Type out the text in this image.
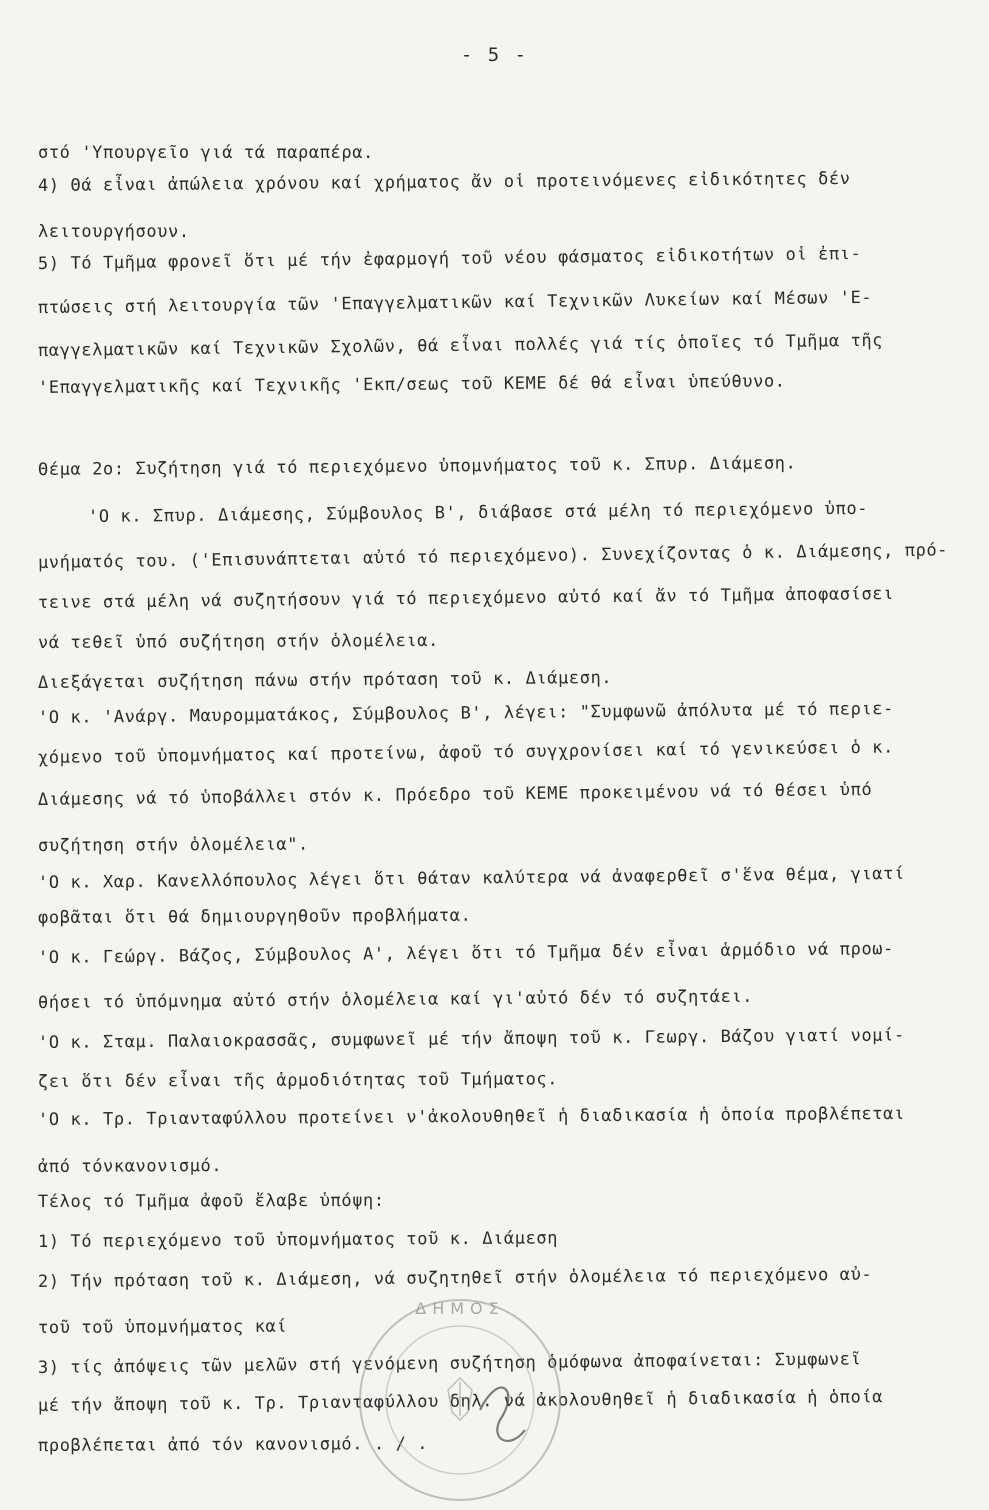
- 5 -
στό 'Υπουργεῖο γιά τά παραπέρα.
4) Θά εἶναι ἀπώλεια χρόνου καί χρήματος ἄν οἱ προτεινόμενες εἰδικότητες δέν
λειτουργήσουν.
5) Τό Τμῆμα φρονεῖ ὅτι μέ τήν ἐφαρμογή τοῦ νέου φάσματος εἰδικοτήτων οἱ ἐπι-
πτώσεις στή λειτουργία τῶν 'Επαγγελματικῶν καί Τεχνικῶν Λυκείων καί Μέσων 'Ε-
παγγελματικῶν καί Τεχνικῶν Σχολῶν, θά εἶναι πολλές γιά τίς ὁποῖες τό Τμῆμα τῆς
'Επαγγελματικῆς καί Τεχνικῆς 'Εκπ/σεως τοῦ ΚΕΜΕ δέ θά εἶναι ὑπεύθυνο.
Θέμα 2ο: Συζήτηση γιά τό περιεχόμενο ὑπομνήματος τοῦ κ. Σπυρ. Διάμεση.
'Ο κ. Σπυρ. Διάμεσης, Σύμβουλος Β', διάβασε στά μέλη τό περιεχόμενο ὑπο-
μνήματός του. ('Επισυνάπτεται αὐτό τό περιεχόμενο). Συνεχίζοντας ὁ κ. Διάμεσης, πρό-
τεινε στά μέλη νά συζητήσουν γιά τό περιεχόμενο αὐτό καί ἄν τό Τμῆμα ἀποφασίσει
νά τεθεῖ ὑπό συζήτηση στήν ὁλομέλεια.
Διεξάγεται συζήτηση πάνω στήν πρόταση τοῦ κ. Διάμεση.
'Ο κ. 'Ανάργ. Μαυρομματάκος, Σύμβουλος Β', λέγει: "Συμφωνῶ ἀπόλυτα μέ τό περιε-
χόμενο τοῦ ὑπομνήματος καί προτείνω, ἀφοῦ τό συγχρονίσει καί τό γενικεύσει ὁ κ.
Διάμεσης νά τό ὑποβάλλει στόν κ. Πρόεδρο τοῦ ΚΕΜΕ προκειμένου νά τό θέσει ὑπό
συζήτηση στήν ὁλομέλεια".
'Ο κ. Χαρ. Κανελλόπουλος λέγει ὅτι θάταν καλύτερα νά ἀναφερθεῖ σ'ἕνα θέμα, γιατί
φοβᾶται ὅτι θά δημιουργηθοῦν προβλήματα.
'Ο κ. Γεώργ. Βάζος, Σύμβουλος Α', λέγει ὅτι τό Τμῆμα δέν εἶναι ἁρμόδιο νά προω-
θήσει τό ὑπόμνημα αὐτό στήν ὁλομέλεια καί γι'αὐτό δέν τό συζητάει.
'Ο κ. Σταμ. Παλαιοκρασσᾶς, συμφωνεῖ μέ τήν ἄποψη τοῦ κ. Γεωργ. Βάζου γιατί νομί-
ζει ὅτι δέν εἶναι τῆς ἁρμοδιότητας τοῦ Τμήματος.
'Ο κ. Τρ. Τριανταφύλλου προτείνει ν'ἀκολουθηθεῖ ἡ διαδικασία ἡ ὁποία προβλέπεται
ἀπό τόνκανονισμό.
Τέλος τό Τμῆμα ἀφοῦ ἔλαβε ὑπόψη:
1) Τό περιεχόμενο τοῦ ὑπομνήματος τοῦ κ. Διάμεση
2) Τήν πρόταση τοῦ κ. Διάμεση, νά συζητηθεῖ στήν ὁλομέλεια τό περιεχόμενο αὐ-
τοῦ τοῦ ὑπομνήματος καί
3) τίς ἀπόψεις τῶν μελῶν στή γενόμενη συζήτηση ὁμόφωνα ἀποφαίνεται: Συμφωνεῖ
μέ τήν ἄποψη τοῦ κ. Τρ. Τριανταφύλλου δηλ. νά ἀκολουθηθεῖ ἡ διαδικασία ἡ ὁποία
προβλέπεται ἀπό τόν κανονισμό. . / .
ΔΗΜΟΣ
